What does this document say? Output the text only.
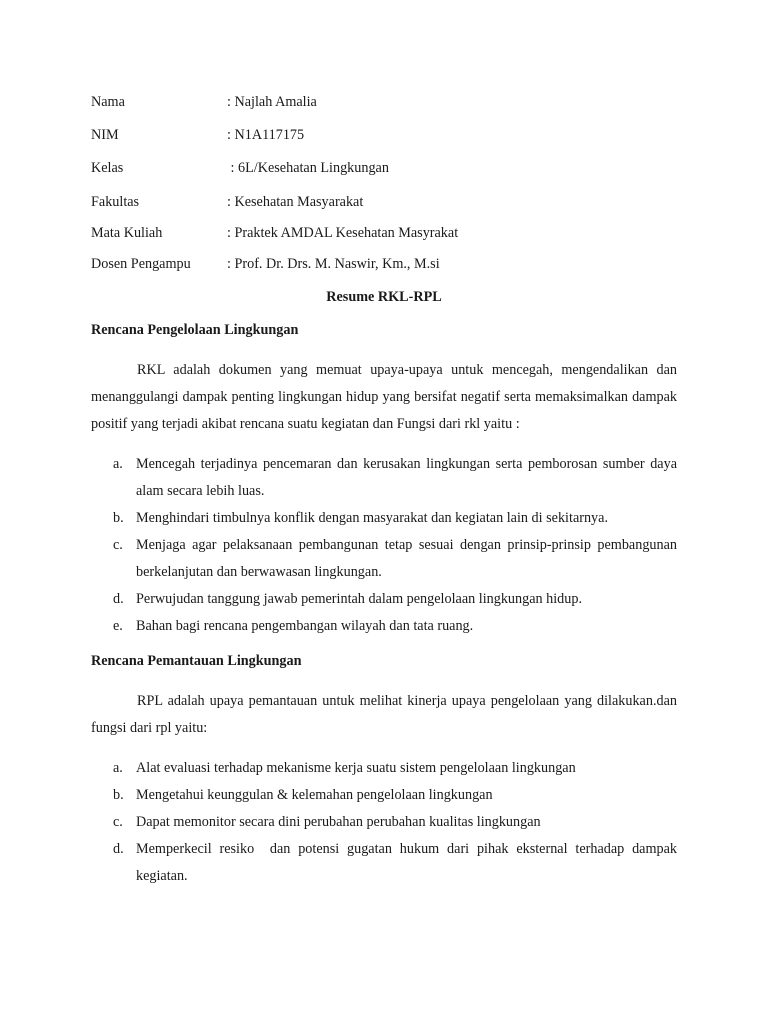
Nama	: Najlah Amalia
NIM	: N1A117175
Kelas	: 6L/Kesehatan Lingkungan
Fakultas	: Kesehatan Masyarakat
Mata Kuliah	: Praktek AMDAL Kesehatan Masyrakat
Dosen Pengampu	: Prof. Dr. Drs. M. Naswir, Km., M.si
Resume RKL-RPL
Rencana Pengelolaan Lingkungan

RKL adalah dokumen yang memuat upaya-upaya untuk mencegah, mengendalikan dan menanggulangi dampak penting lingkungan hidup yang bersifat negatif serta memaksimalkan dampak positif yang terjadi akibat rencana suatu kegiatan dan Fungsi dari rkl yaitu :

a. Mencegah terjadinya pencemaran dan kerusakan lingkungan serta pemborosan sumber daya alam secara lebih luas.
b. Menghindari timbulnya konflik dengan masyarakat dan kegiatan lain di sekitarnya.
c. Menjaga agar pelaksanaan pembangunan tetap sesuai dengan prinsip-prinsip pembangunan berkelanjutan dan berwawasan lingkungan.
d. Perwujudan tanggung jawab pemerintah dalam pengelolaan lingkungan hidup.
e. Bahan bagi rencana pengembangan wilayah dan tata ruang.
Rencana Pemantauan Lingkungan

RPL adalah upaya pemantauan untuk melihat kinerja upaya pengelolaan yang dilakukan.dan fungsi dari rpl yaitu:

a. Alat evaluasi terhadap mekanisme kerja suatu sistem pengelolaan lingkungan
b. Mengetahui keunggulan & kelemahan pengelolaan lingkungan
c. Dapat memonitor secara dini perubahan perubahan kualitas lingkungan
d. Memperkecil resiko  dan potensi gugatan hukum dari pihak eksternal terhadap dampak kegiatan.
